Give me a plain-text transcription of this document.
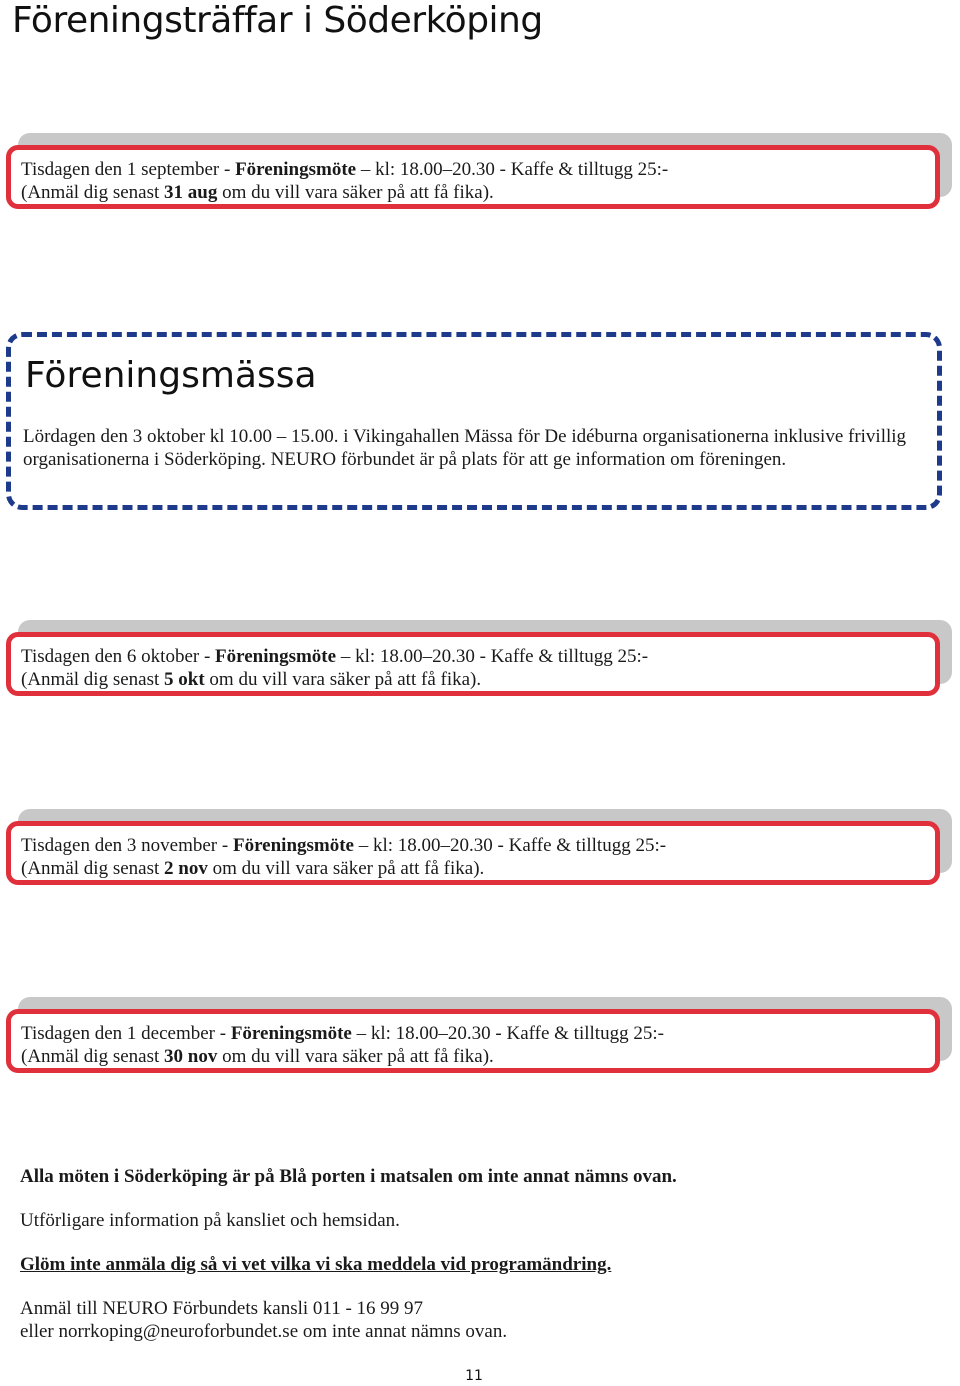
Föreningsträffar i Söderköping
Tisdagen den 1 september - Föreningsmöte – kl: 18.00–20.30 - Kaffe & tilltugg 25:-
(Anmäl dig senast 31 aug om du vill vara säker på att få fika).
Föreningsmässa
Lördagen den 3 oktober kl 10.00 – 15.00. i Vikingahallen Mässa för De idéburna organisationerna inklusive frivillig organisationerna i Söderköping. NEURO förbundet är på plats för att ge information om föreningen.
Tisdagen den 6 oktober - Föreningsmöte – kl: 18.00–20.30 - Kaffe & tilltugg 25:-
(Anmäl dig senast 5 okt om du vill vara säker på att få fika).
Tisdagen den 3 november - Föreningsmöte – kl: 18.00–20.30 - Kaffe & tilltugg 25:-
(Anmäl dig senast 2 nov om du vill vara säker på att få fika).
Tisdagen den 1 december - Föreningsmöte – kl: 18.00–20.30 - Kaffe & tilltugg 25:-
(Anmäl dig senast 30 nov om du vill vara säker på att få fika).
Alla möten i Söderköping är på Blå porten i matsalen om inte annat nämns ovan.
Utförligare information på kansliet och hemsidan.
Glöm inte anmäla dig så vi vet vilka vi ska meddela vid programändring.
Anmäl till NEURO Förbundets kansli 011 - 16 99 97
eller norrkoping@neuroforbundet.se om inte annat nämns ovan.
11
